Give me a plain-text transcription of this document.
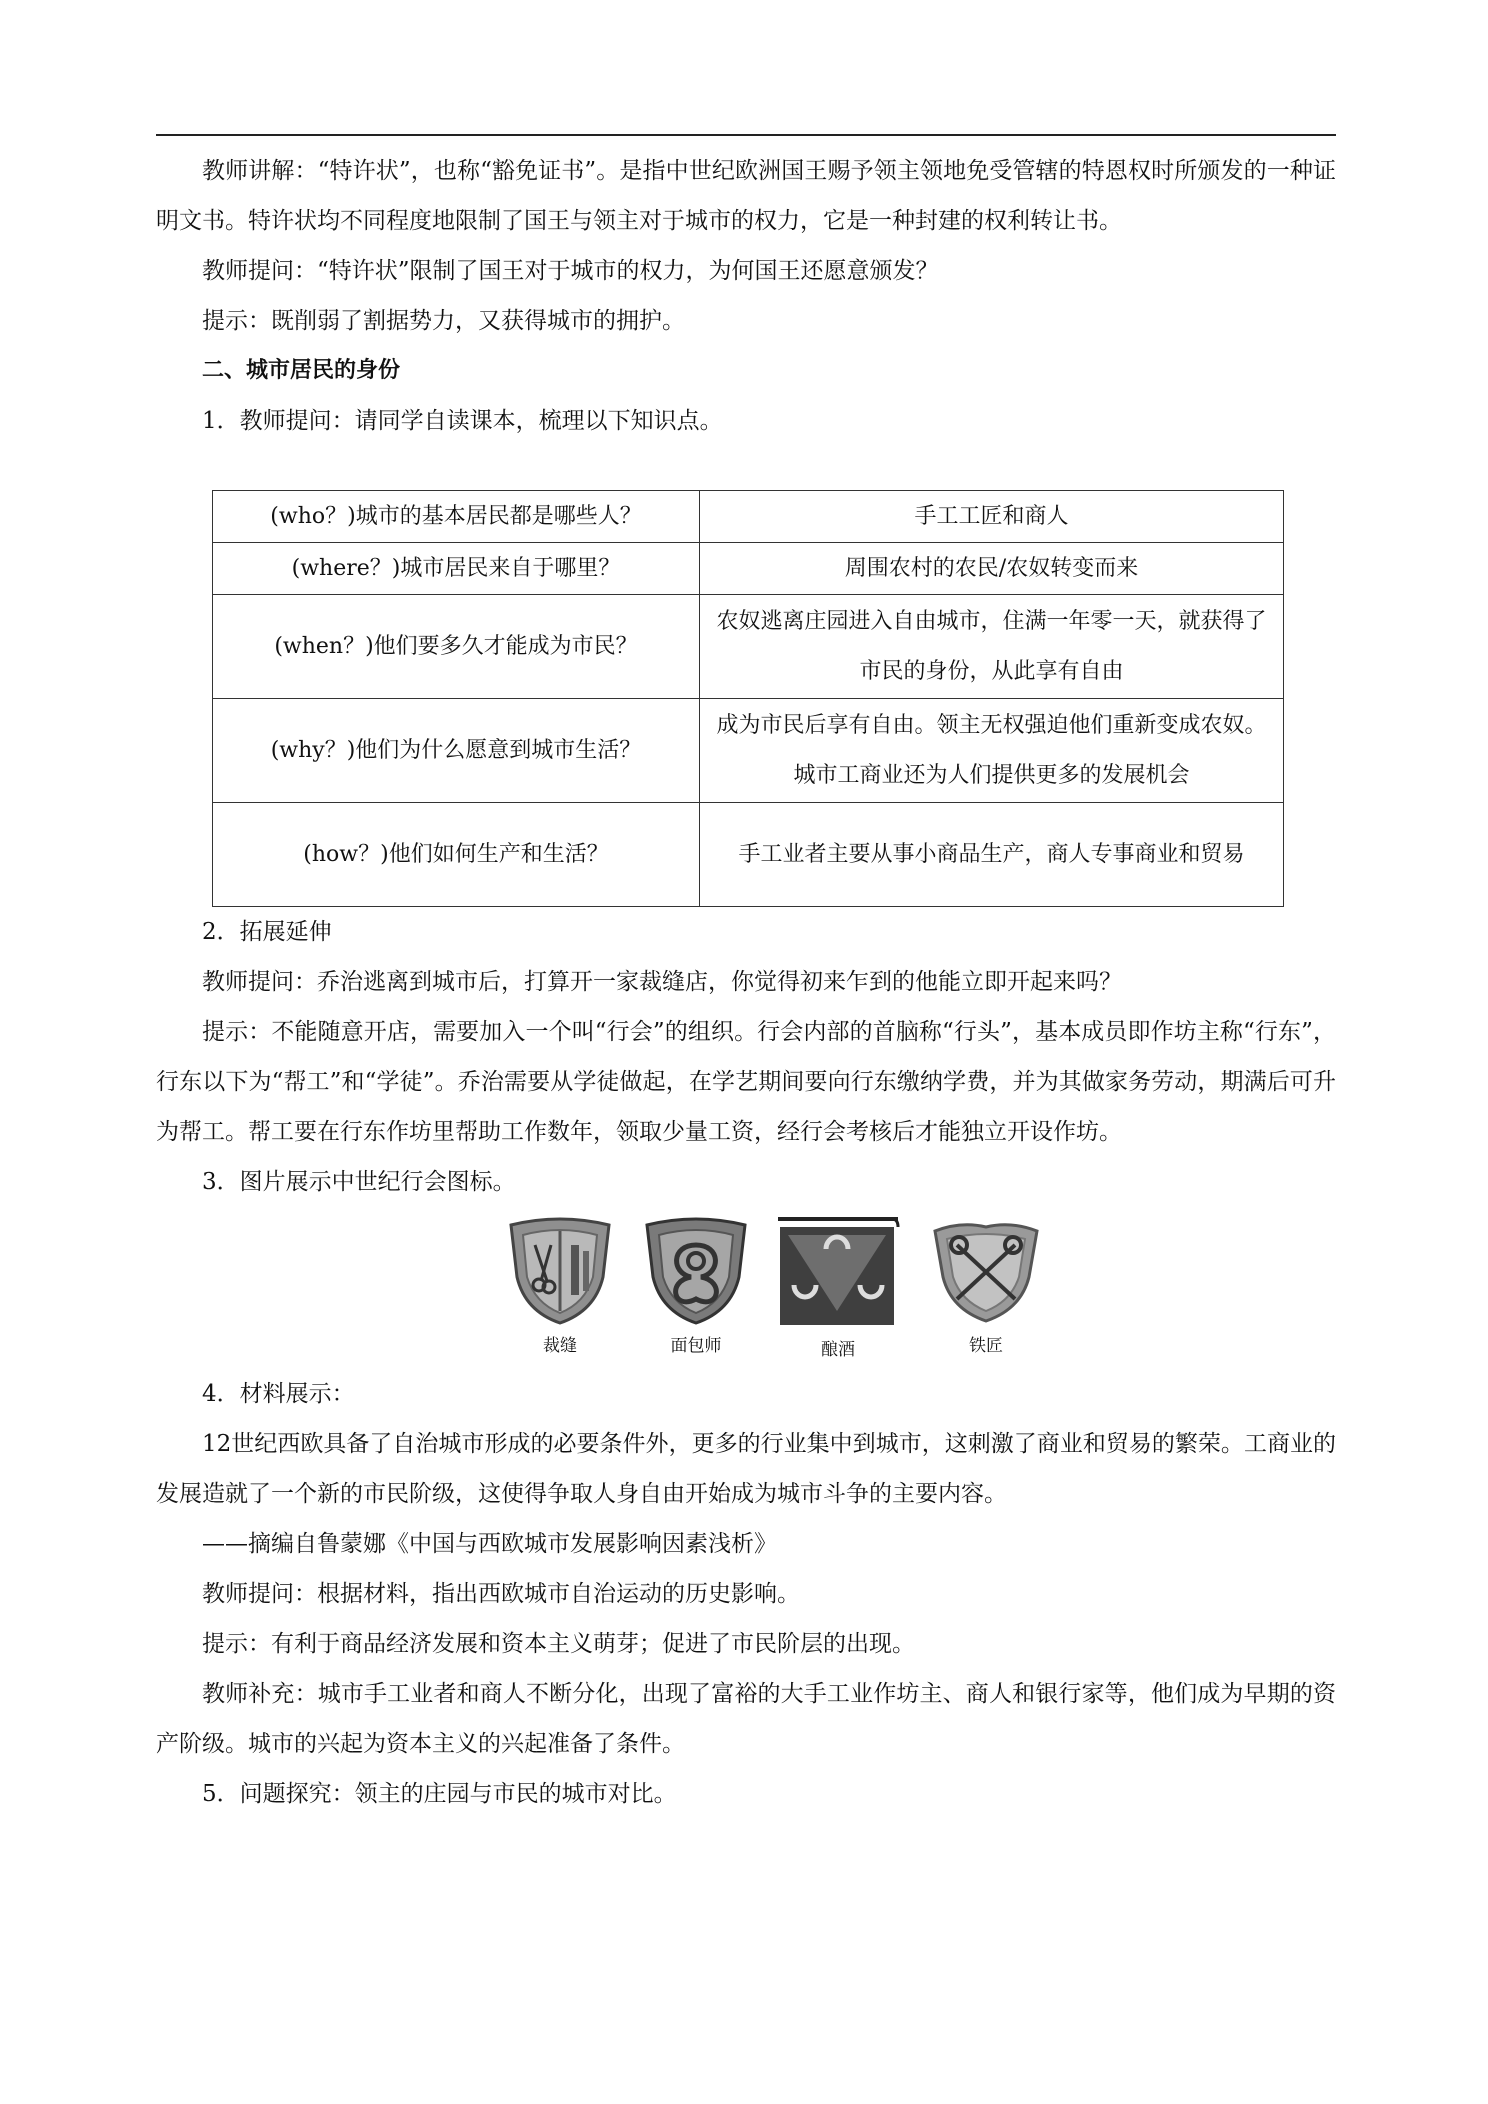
教师讲解：“特许状”，也称“豁免证书”。是指中世纪欧洲国王赐予领主领地免受管辖的特恩权时所颁发的一种证明文书。特许状均不同程度地限制了国王与领主对于城市的权力，它是一种封建的权利转让书。

教师提问：“特许状”限制了国王对于城市的权力，为何国王还愿意颁发？

提示：既削弱了割据势力，又获得城市的拥护。

二、城市居民的身份

1．教师提问：请同学自读课本，梳理以下知识点。

(who？)城市的基本居民都是哪些人？	手工工匠和商人
(where？)城市居民来自于哪里？	周围农村的农民/农奴转变而来
(when？)他们要多久才能成为市民？	农奴逃离庄园进入自由城市，住满一年零一天，就获得了市民的身份，从此享有自由
(why？)他们为什么愿意到城市生活？	成为市民后享有自由。领主无权强迫他们重新变成农奴。城市工商业还为人们提供更多的发展机会
(how？)他们如何生产和生活？	手工业者主要从事小商品生产，商人专事商业和贸易

2．拓展延伸

教师提问：乔治逃离到城市后，打算开一家裁缝店，你觉得初来乍到的他能立即开起来吗？

提示：不能随意开店，需要加入一个叫“行会”的组织。行会内部的首脑称“行头”，基本成员即作坊主称“行东”，行东以下为“帮工”和“学徒”。乔治需要从学徒做起，在学艺期间要向行东缴纳学费，并为其做家务劳动，期满后可升为帮工。帮工要在行东作坊里帮助工作数年，领取少量工资，经行会考核后才能独立开设作坊。

3．图片展示中世纪行会图标。

裁缝	面包师	酿酒	铁匠

4．材料展示：

12世纪西欧具备了自治城市形成的必要条件外，更多的行业集中到城市，这刺激了商业和贸易的繁荣。工商业的发展造就了一个新的市民阶级，这使得争取人身自由开始成为城市斗争的主要内容。

——摘编自鲁蒙娜《中国与西欧城市发展影响因素浅析》

教师提问：根据材料，指出西欧城市自治运动的历史影响。

提示：有利于商品经济发展和资本主义萌芽；促进了市民阶层的出现。

教师补充：城市手工业者和商人不断分化，出现了富裕的大手工业作坊主、商人和银行家等，他们成为早期的资产阶级。城市的兴起为资本主义的兴起准备了条件。

5．问题探究：领主的庄园与市民的城市对比。
